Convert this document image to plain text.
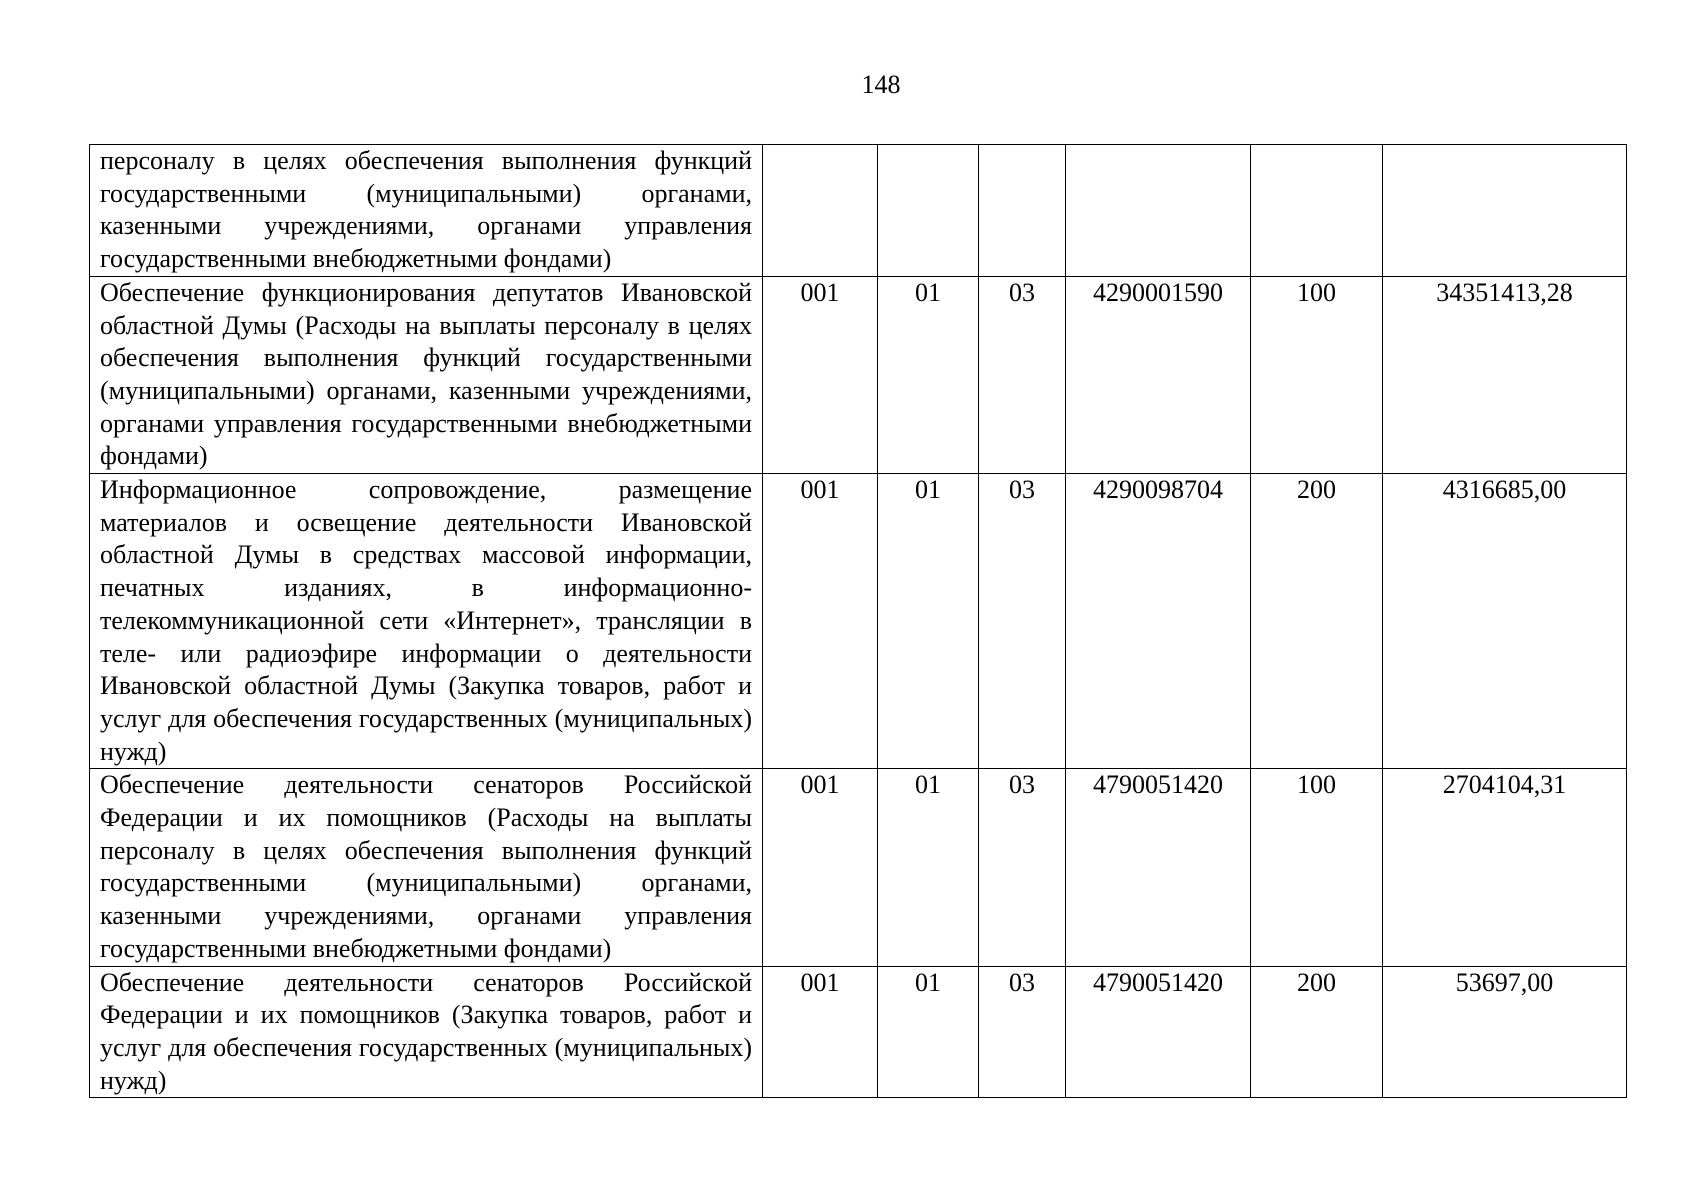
148
персоналу в целях обеспечения выполнения функций государственными (муниципальными) органами, казенными учреждениями, органами управления государственными внебюджетными фондами)						
Обеспечение функционирования депутатов Ивановской областной Думы (Расходы на выплаты персоналу в целях обеспечения выполнения функций государственными (муниципальными) органами, казенными учреждениями, органами управления государственными внебюджетными фондами)	001	01	03	4290001590	100	34351413,28
Информационное сопровождение, размещение материалов и освещение деятельности Ивановской областной Думы в средствах массовой информации, печатных изданиях, в информационно-телекоммуникационной сети «Интернет», трансляции в теле- или радиоэфире информации о деятельности Ивановской областной Думы (Закупка товаров, работ и услуг для обеспечения государственных (муниципальных) нужд)	001	01	03	4290098704	200	4316685,00
Обеспечение деятельности сенаторов Российской Федерации и их помощников (Расходы на выплаты персоналу в целях обеспечения выполнения функций государственными (муниципальными) органами, казенными учреждениями, органами управления государственными внебюджетными фондами)	001	01	03	4790051420	100	2704104,31
Обеспечение деятельности сенаторов Российской Федерации и их помощников (Закупка товаров, работ и услуг для обеспечения государственных (муниципальных) нужд)	001	01	03	4790051420	200	53697,00
